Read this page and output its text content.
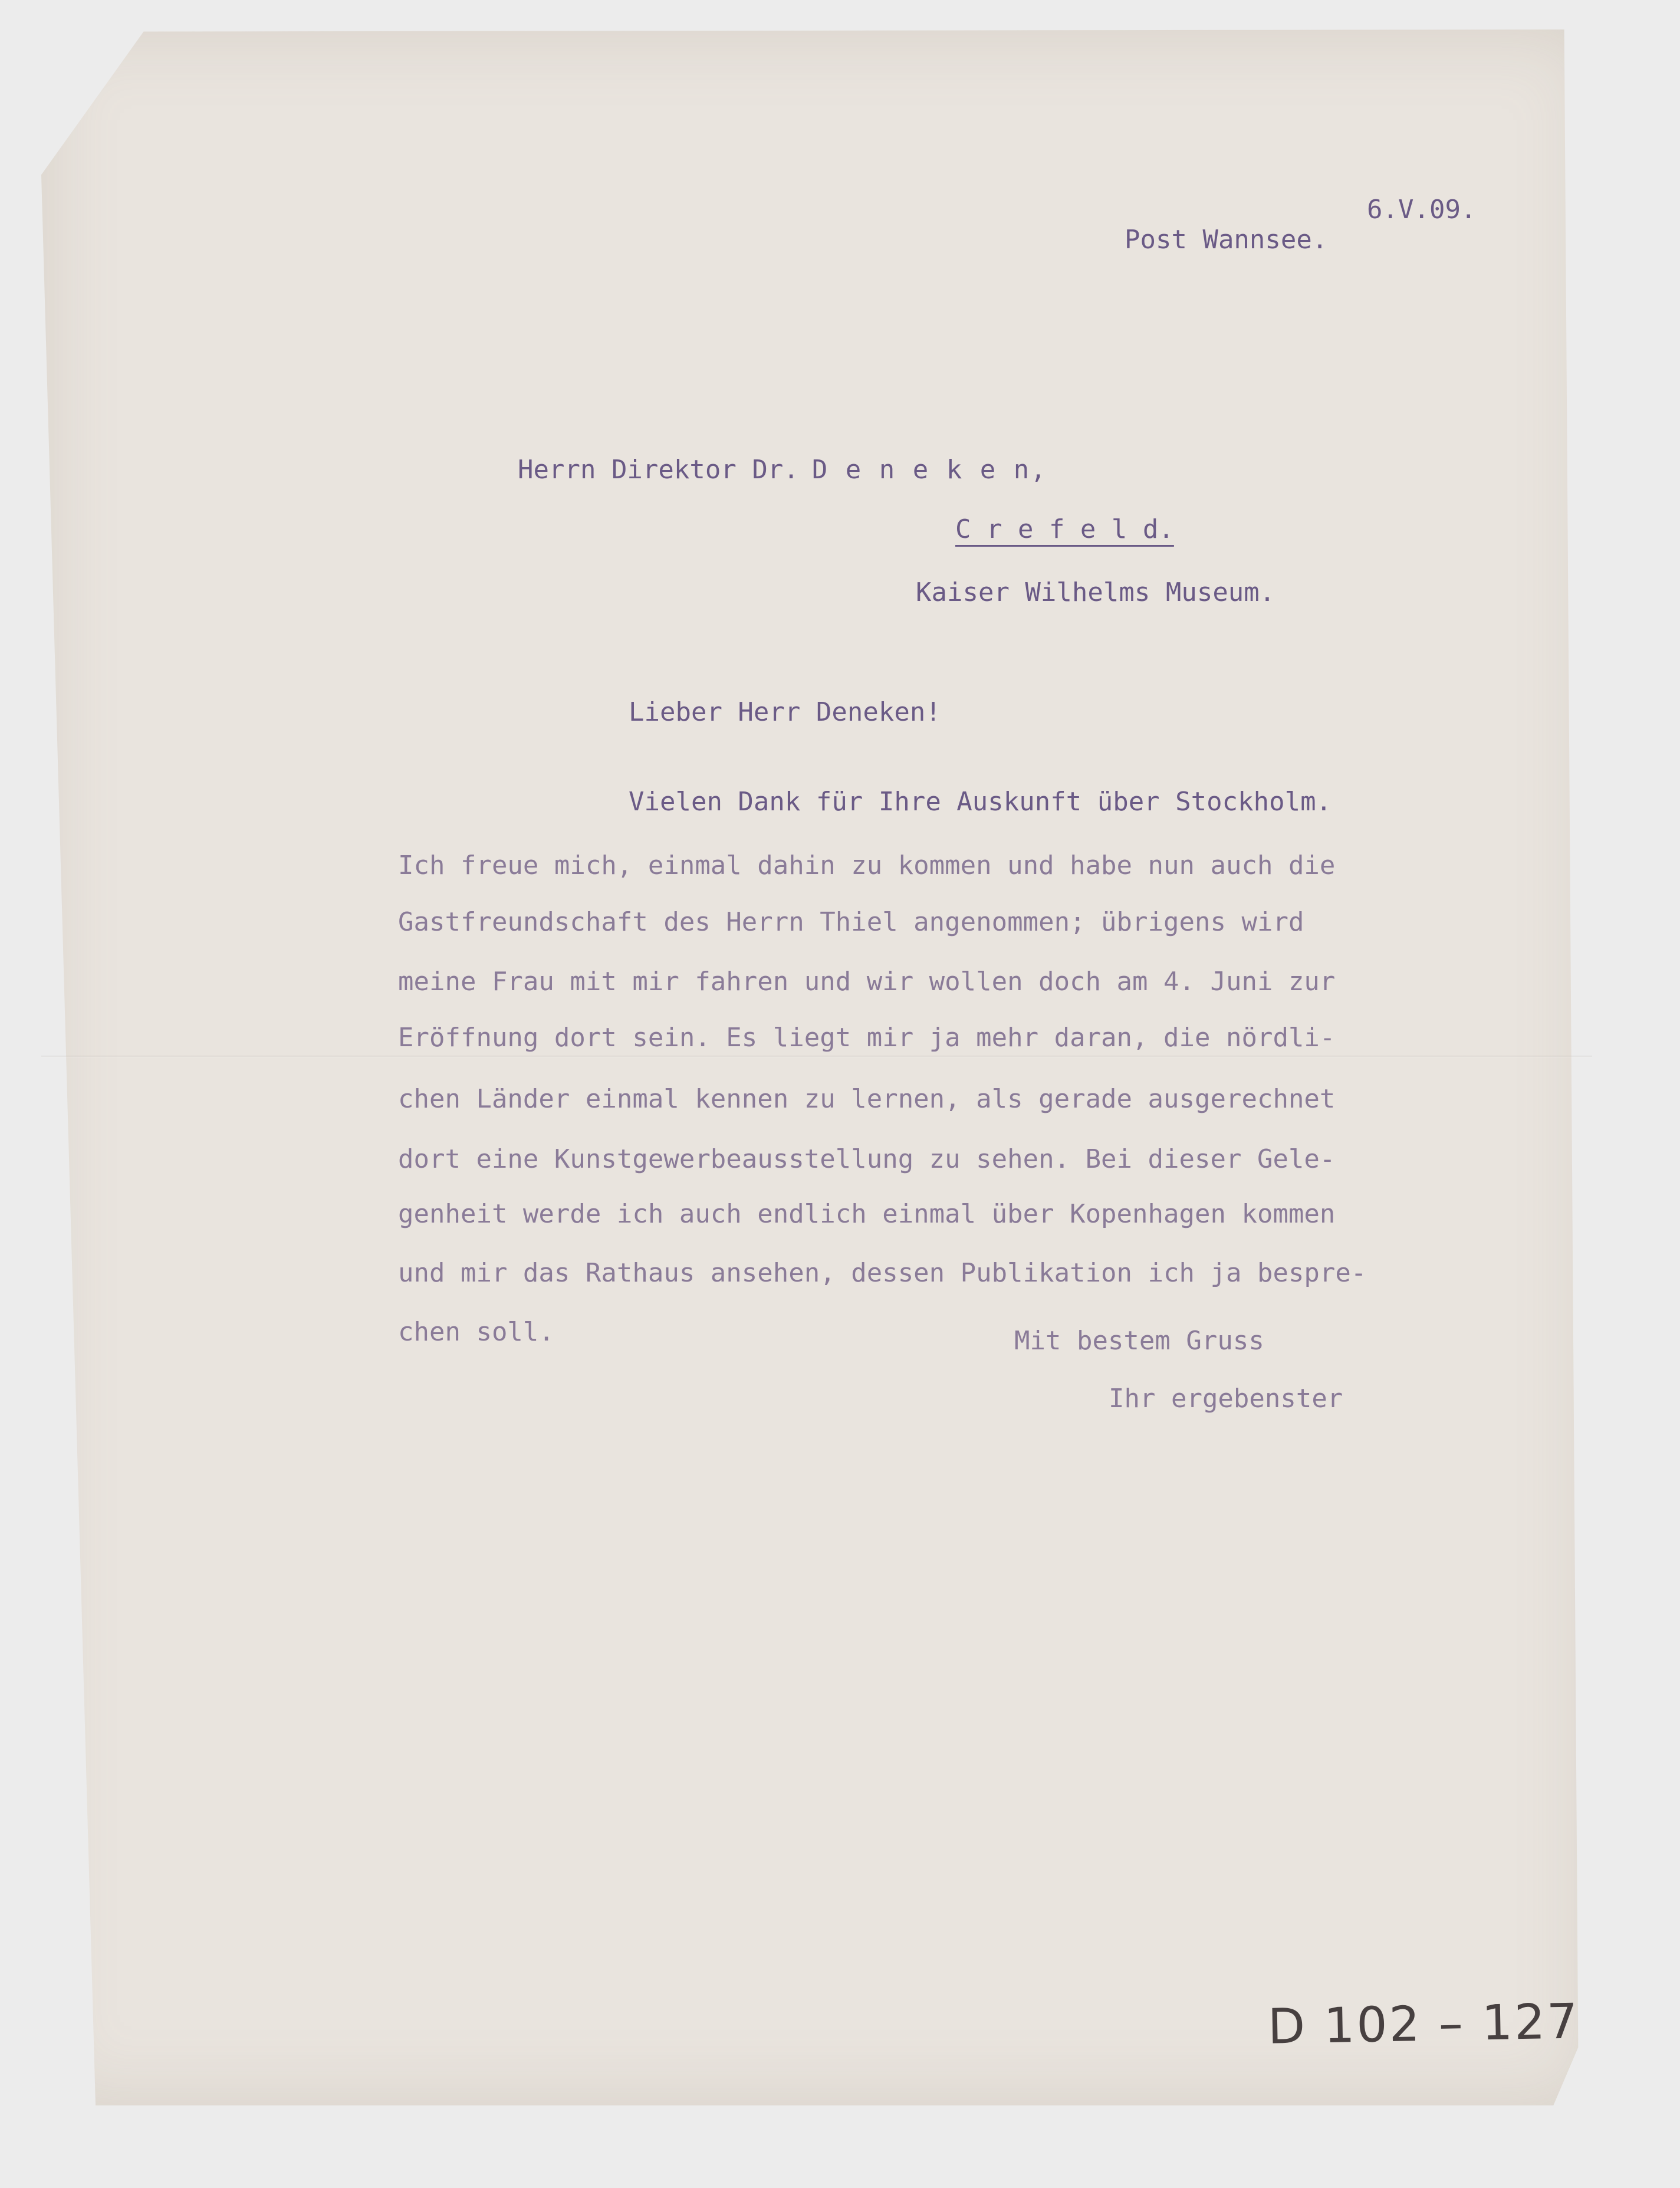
6.V.09.
Post Wannsee.
Herrn Direktor Dr. D e n e k e n,
C r e f e l d.
Kaiser Wilhelms Museum.
Lieber Herr Deneken!
Vielen Dank für Ihre Auskunft über Stockholm.
Ich freue mich, einmal dahin zu kommen und habe nun auch die
Gastfreundschaft des Herrn Thiel angenommen; übrigens wird
meine Frau mit mir fahren und wir wollen doch am 4. Juni zur
Eröffnung dort sein. Es liegt mir ja mehr daran, die nördli-
chen Länder einmal kennen zu lernen, als gerade ausgerechnet
dort eine Kunstgewerbeausstellung zu sehen. Bei dieser Gele-
genheit werde ich auch endlich einmal über Kopenhagen kommen
und mir das Rathaus ansehen, dessen Publikation ich ja bespre-
chen soll.	Mit bestem Gruss
Ihr ergebenster
D 102 – 127
